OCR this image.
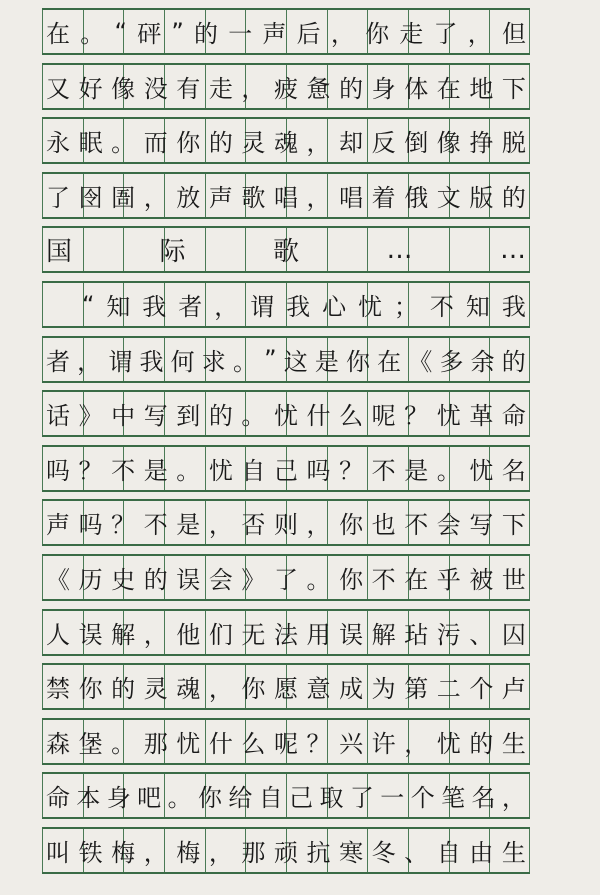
在 。 “ 砰 ” 的 一 声 后 ， 你 走 了 ， 但
又 好 像 没 有 走 ， 疲 惫 的 身 体 在 地 下
永 眠 。 而 你 的 灵 魂 ， 却 反 倒 像 挣 脱
了 囹 圄 ， 放 声 歌 唱 ， 唱 着 俄 文 版 的
国	际	歌	…	…

“ 知 我 者 ， 谓 我 心 忧 ； 不 知 我
者 ， 谓 我 何 求 。 ” 这 是 你 在 《 多 余 的
话 》 中 写 到 的 。 忧 什 么 呢 ？ 忧 革 命
吗 ？ 不 是 。 忧 自 己 吗 ？ 不 是 。 忧 名
声 吗 ？ 不 是 ， 否 则 ， 你 也 不 会 写 下
《 历 史 的 误 会 》 了 。 你 不 在 乎 被 世
人 误 解 ， 他 们 无 法 用 误 解 玷 污 、 囚
禁 你 的 灵 魂 ， 你 愿 意 成 为 第 二 个 卢
森 堡 。 那 忧 什 么 呢 ？ 兴 许 ， 忧 的 生
命 本 身 吧 。 你 给 自 己 取 了 一 个 笔 名 ，
叫 铁 梅 ， 梅 ， 那 顽 抗 寒 冬 、 自 由 生
